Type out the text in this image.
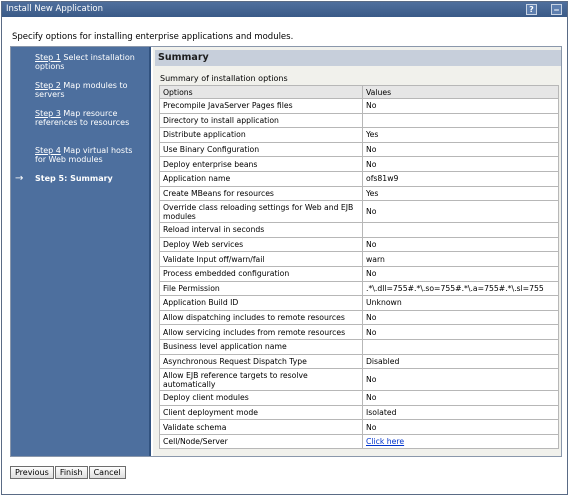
Install New Application	?	‒
Specify options for installing enterprise applications and modules.
Step 1 Select installation options
Step 2 Map modules to servers
Step 3 Map resource references to resources
Step 4 Map virtual hosts for Web modules
→ Step 5: Summary
Summary
Summary of installation options
Options	Values
Precompile JavaServer Pages files	No
Directory to install application	
Distribute application	Yes
Use Binary Configuration	No
Deploy enterprise beans	No
Application name	ofs81w9
Create MBeans for resources	Yes
Override class reloading settings for Web and EJB modules	No
Reload interval in seconds	
Deploy Web services	No
Validate Input off/warn/fail	warn
Process embedded configuration	No
File Permission	.*\.dll=755#.*\.so=755#.*\.a=755#.*\.sl=755
Application Build ID	Unknown
Allow dispatching includes to remote resources	No
Allow servicing includes from remote resources	No
Business level application name	
Asynchronous Request Dispatch Type	Disabled
Allow EJB reference targets to resolve automatically	No
Deploy client modules	No
Client deployment mode	Isolated
Validate schema	No
Cell/Node/Server	Click here
Previous Finish Cancel
